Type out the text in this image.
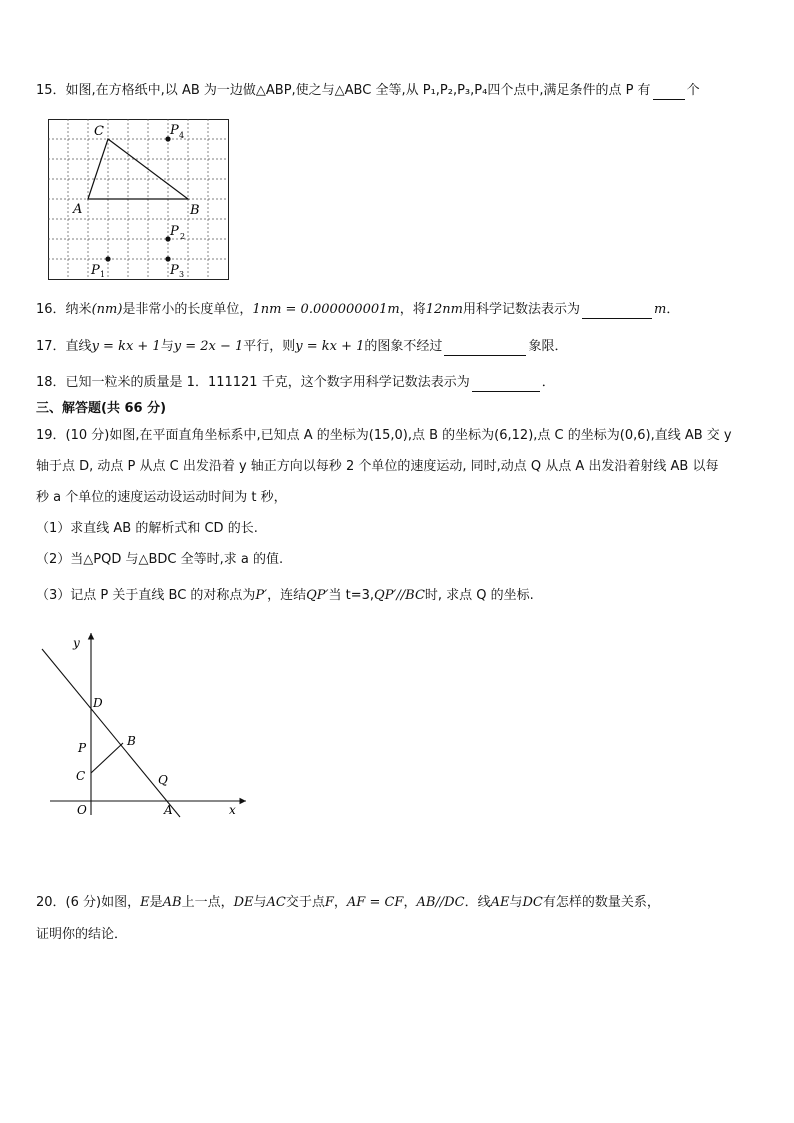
15．如图,在方格纸中,以 AB 为一边做△ABP,使之与△ABC 全等,从 P₁,P₂,P₃,P₄四个点中,满足条件的点 P 有	个
C
A	B
P 4
P 2
P 1	P 3
16．纳米(nm)是非常小的长度单位，1nm = 0.000000001m，将12nm用科学记数法表示为	m．
17．直线y = kx + 1与y = 2x − 1平行，则y = kx + 1的图象不经过	象限．
18．已知一粒米的质量是 1．111121 千克，这个数字用科学记数法表示为	．
三、解答题(共 66 分)
19．(10 分)如图,在平面直角坐标系中,已知点 A 的坐标为(15,0),点 B 的坐标为(6,12),点 C 的坐标为(0,6),直线 AB 交 y
轴于点 D, 动点 P 从点 C 出发沿着 y 轴正方向以每秒 2 个单位的速度运动, 同时,动点 Q 从点 A 出发沿着射线 AB 以每
秒 a 个单位的速度运动设运动时间为 t 秒，
（1）求直线 AB 的解析式和 CD 的长.
（2）当△PQD 与△BDC 全等时,求 a 的值.
（3）记点 P 关于直线 BC 的对称点为P′，连结QP′当 t=3,QP′//BC时, 求点 Q 的坐标.
y
x
D
P	B
C	Q
O	A
20．(6 分)如图，E是AB上一点，DE与AC交于点F，AF = CF，AB//DC．线AE与DC有怎样的数量关系，
证明你的结论．
